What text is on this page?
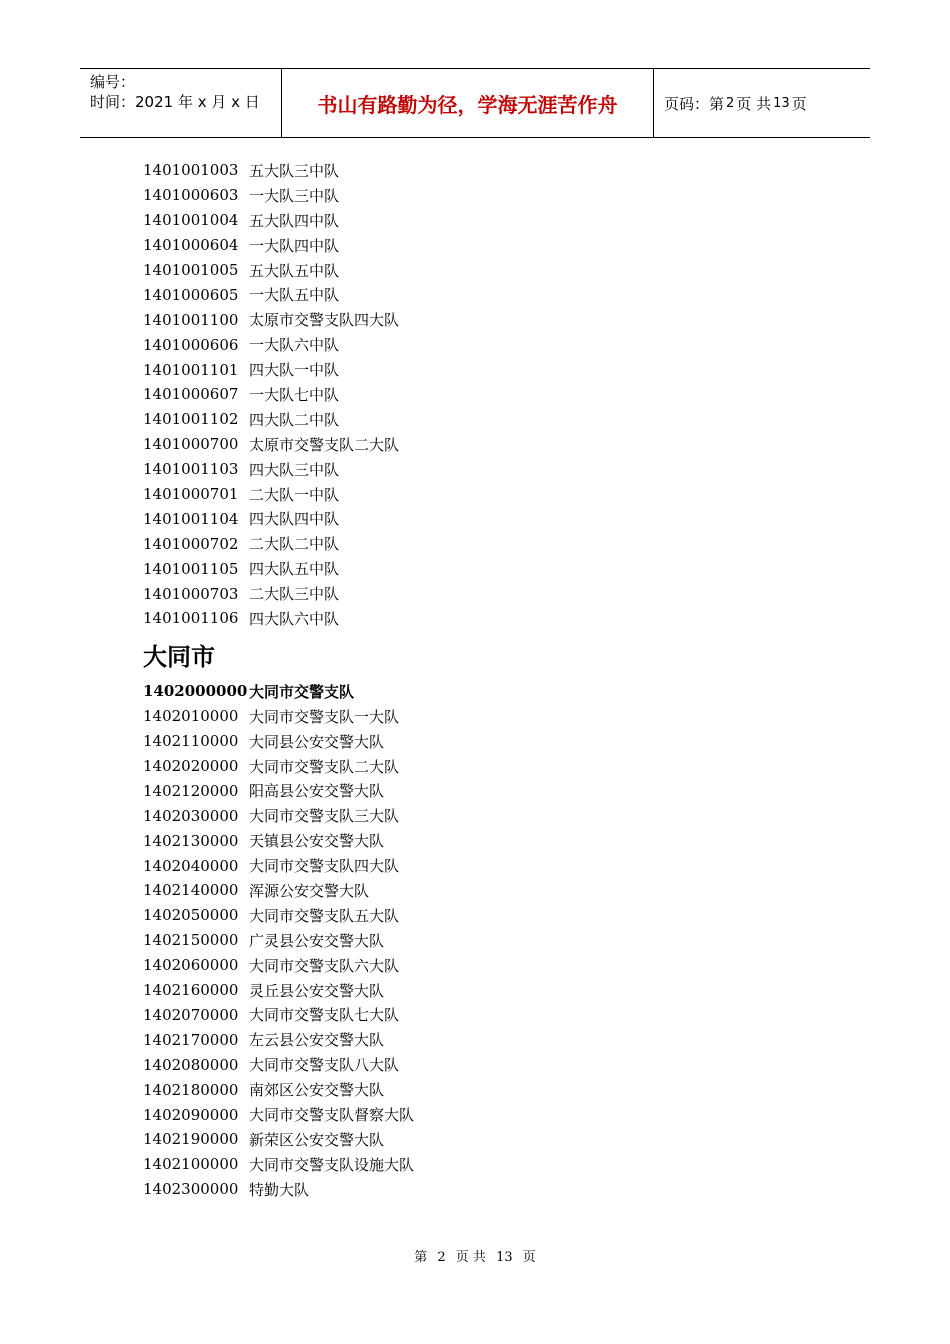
编号：
时间：2021 年 x 月 x 日	书山有路勤为径，学海无涯苦作舟	页码：第 2 页 共 13 页
1401001003 五大队三中队
1401000603 一大队三中队
1401001004 五大队四中队
1401000604 一大队四中队
1401001005 五大队五中队
1401000605 一大队五中队
1401001100 太原市交警支队四大队
1401000606 一大队六中队
1401001101 四大队一中队
1401000607 一大队七中队
1401001102 四大队二中队
1401000700 太原市交警支队二大队
1401001103 四大队三中队
1401000701 二大队一中队
1401001104 四大队四中队
1401000702 二大队二中队
1401001105 四大队五中队
1401000703 二大队三中队
1401001106 四大队六中队
大同市
1402000000 大同市交警支队
1402010000 大同市交警支队一大队
1402110000 大同县公安交警大队
1402020000 大同市交警支队二大队
1402120000 阳高县公安交警大队
1402030000 大同市交警支队三大队
1402130000 天镇县公安交警大队
1402040000 大同市交警支队四大队
1402140000 浑源公安交警大队
1402050000 大同市交警支队五大队
1402150000 广灵县公安交警大队
1402060000 大同市交警支队六大队
1402160000 灵丘县公安交警大队
1402070000 大同市交警支队七大队
1402170000 左云县公安交警大队
1402080000 大同市交警支队八大队
1402180000 南郊区公安交警大队
1402090000 大同市交警支队督察大队
1402190000 新荣区公安交警大队
1402100000 大同市交警支队设施大队
1402300000 特勤大队
第 2 页 共 13 页
